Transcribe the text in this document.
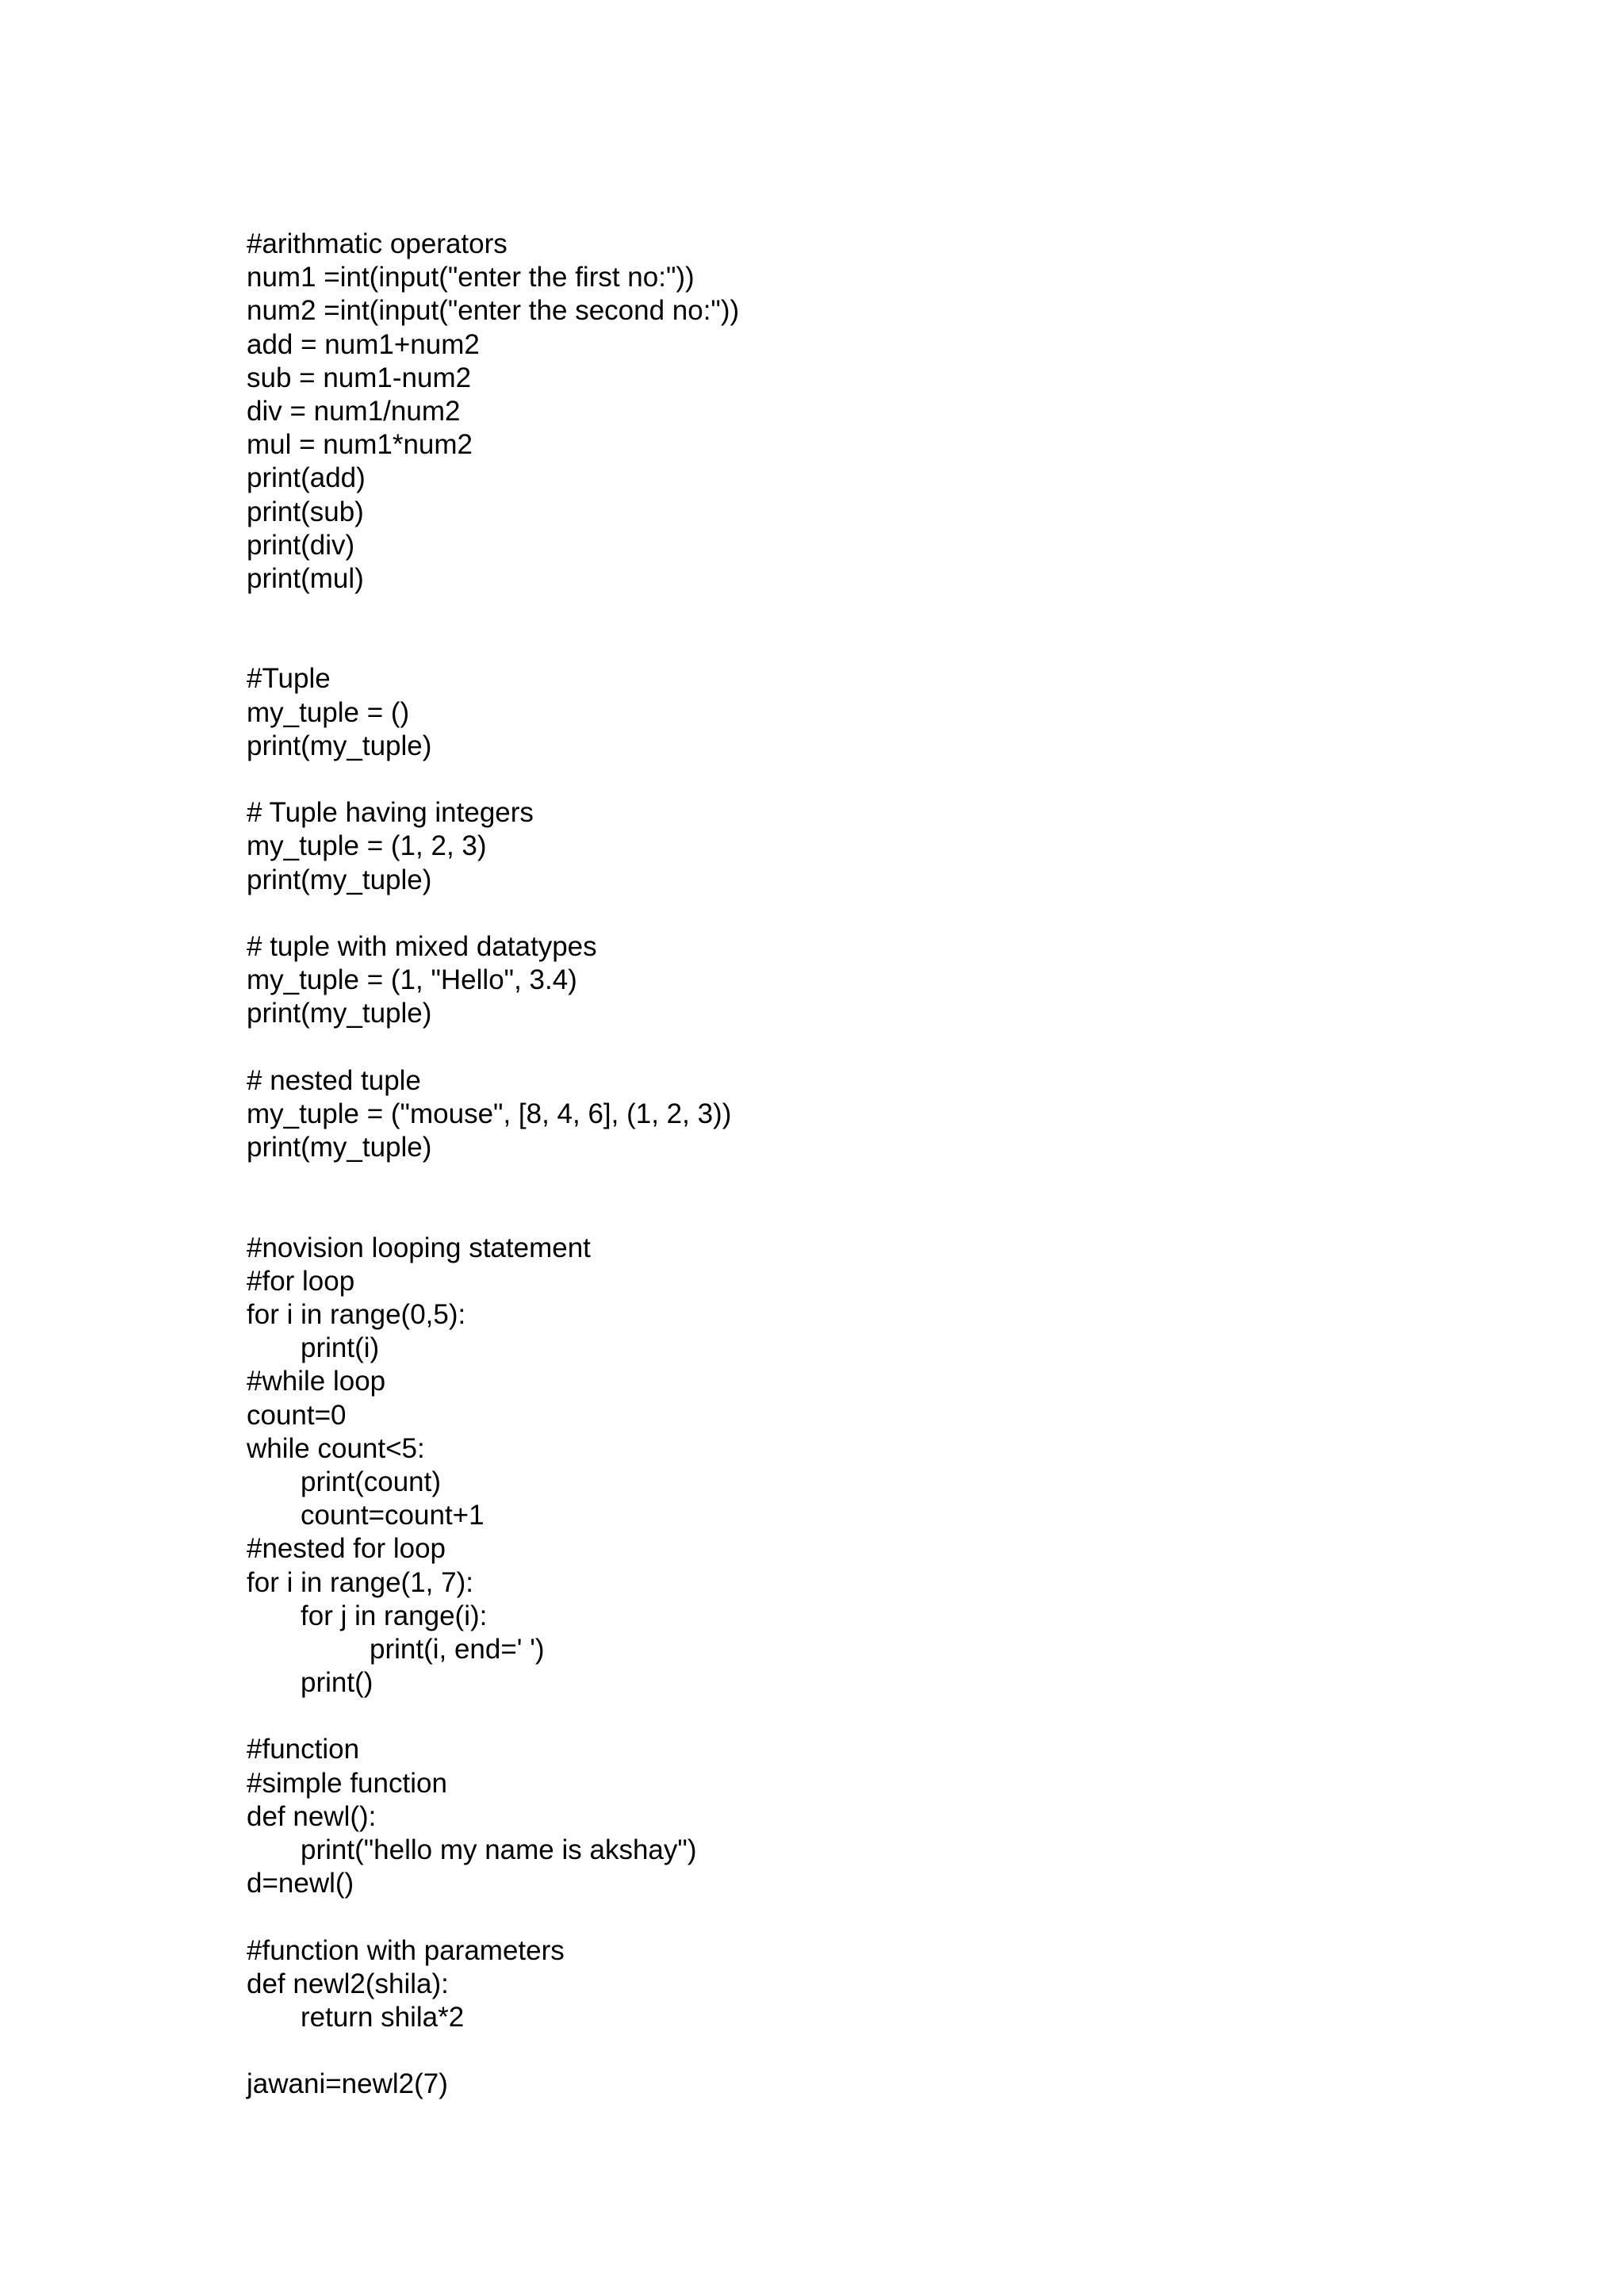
#arithmatic operators
num1 =int(input("enter the first no:"))
num2 =int(input("enter the second no:"))
add = num1+num2
sub = num1-num2
div = num1/num2
mul = num1*num2
print(add)
print(sub)
print(div)
print(mul)
#Tuple
my_tuple = ()
print(my_tuple)
# Tuple having integers
my_tuple = (1, 2, 3)
print(my_tuple)
# tuple with mixed datatypes
my_tuple = (1, "Hello", 3.4)
print(my_tuple)
# nested tuple
my_tuple = ("mouse", [8, 4, 6], (1, 2, 3))
print(my_tuple)
#novision looping statement
#for loop
for i in range(0,5):
print(i)
#while loop
count=0
while count<5:
print(count)
count=count+1
#nested for loop
for i in range(1, 7):
for j in range(i):
print(i, end=' ')
print()
#function
#simple function
def newl():
print("hello my name is akshay")
d=newl()
#function with parameters
def newl2(shila):
return shila*2
jawani=newl2(7)
